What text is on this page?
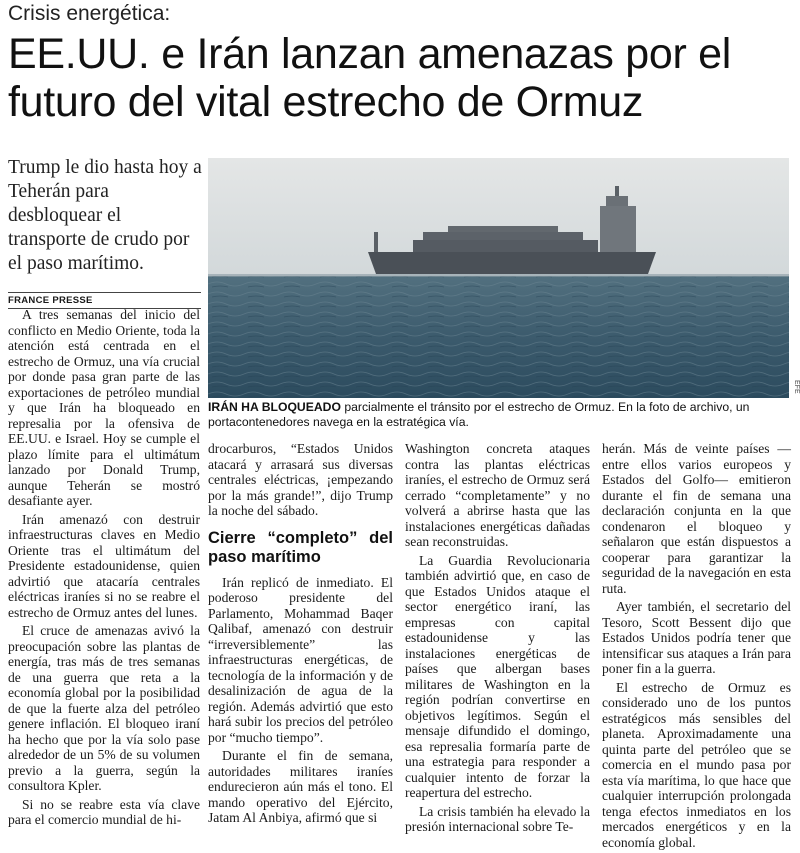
Crisis energética:
EE.UU. e Irán lanzan amenazas por el futuro del vital estrecho de Ormuz

Trump le dio hasta hoy a Teherán para desbloquear el transporte de crudo por el paso marítimo.

FRANCE PRESSE
EFE
IRÁN HA BLOQUEADO parcialmente el tránsito por el estrecho de Ormuz. En la foto de archivo, un portacontenedores navega en la estratégica vía.

A tres semanas del inicio del conflicto en Medio Oriente, toda la atención está centrada en el estrecho de Ormuz, una vía crucial por donde pasa gran parte de las exportaciones de petróleo mundial y que Irán ha bloqueado en represalia por la ofensiva de EE.UU. e Israel. Hoy se cumple el plazo límite para el ultimátum lanzado por Donald Trump, aunque Teherán se mostró desafiante ayer.

Irán amenazó con destruir infraestructuras claves en Medio Oriente tras el ultimátum del Presidente estadounidense, quien advirtió que atacaría centrales eléctricas iraníes si no se reabre el estrecho de Ormuz antes del lunes.

El cruce de amenazas avivó la preocupación sobre las plantas de energía, tras más de tres semanas de una guerra que reta a la economía global por la posibilidad de que la fuerte alza del petróleo genere inflación. El bloqueo iraní ha hecho que por la vía solo pase alrededor de un 5% de su volumen previo a la guerra, según la consultora Kpler.

Si no se reabre esta vía clave para el comercio mundial de hi-

drocarburos, “Estados Unidos atacará y arrasará sus diversas centrales eléctricas, ¡empezando por la más grande!”, dijo Trump la noche del sábado.

Cierre “completo” del paso marítimo

Irán replicó de inmediato. El poderoso presidente del Parlamento, Mohammad Baqer Qalibaf, amenazó con destruir “irreversiblemente” las infraestructuras energéticas, de tecnología de la información y de desalinización de agua de la región. Además advirtió que esto hará subir los precios del petróleo por “mucho tiempo”.

Durante el fin de semana, autoridades militares iraníes endurecieron aún más el tono. El mando operativo del Ejército, Jatam Al Anbiya, afirmó que si

Washington concreta ataques contra las plantas eléctricas iraníes, el estrecho de Ormuz será cerrado “completamente” y no volverá a abrirse hasta que las instalaciones energéticas dañadas sean reconstruidas.

La Guardia Revolucionaria también advirtió que, en caso de que Estados Unidos ataque el sector energético iraní, las empresas con capital estadounidense y las instalaciones energéticas de países que albergan bases militares de Washington en la región podrían convertirse en objetivos legítimos. Según el mensaje difundido el domingo, esa represalia formaría parte de una estrategia para responder a cualquier intento de forzar la reapertura del estrecho.

La crisis también ha elevado la presión internacional sobre Te-

herán. Más de veinte países —entre ellos varios europeos y Estados del Golfo— emitieron durante el fin de semana una declaración conjunta en la que condenaron el bloqueo y señalaron que están dispuestos a cooperar para garantizar la seguridad de la navegación en esta ruta.

Ayer también, el secretario del Tesoro, Scott Bessent dijo que Estados Unidos podría tener que intensificar sus ataques a Irán para poner fin a la guerra.

El estrecho de Ormuz es considerado uno de los puntos estratégicos más sensibles del planeta. Aproximadamente una quinta parte del petróleo que se comercia en el mundo pasa por esta vía marítima, lo que hace que cualquier interrupción prolongada tenga efectos inmediatos en los mercados energéticos y en la economía global.
